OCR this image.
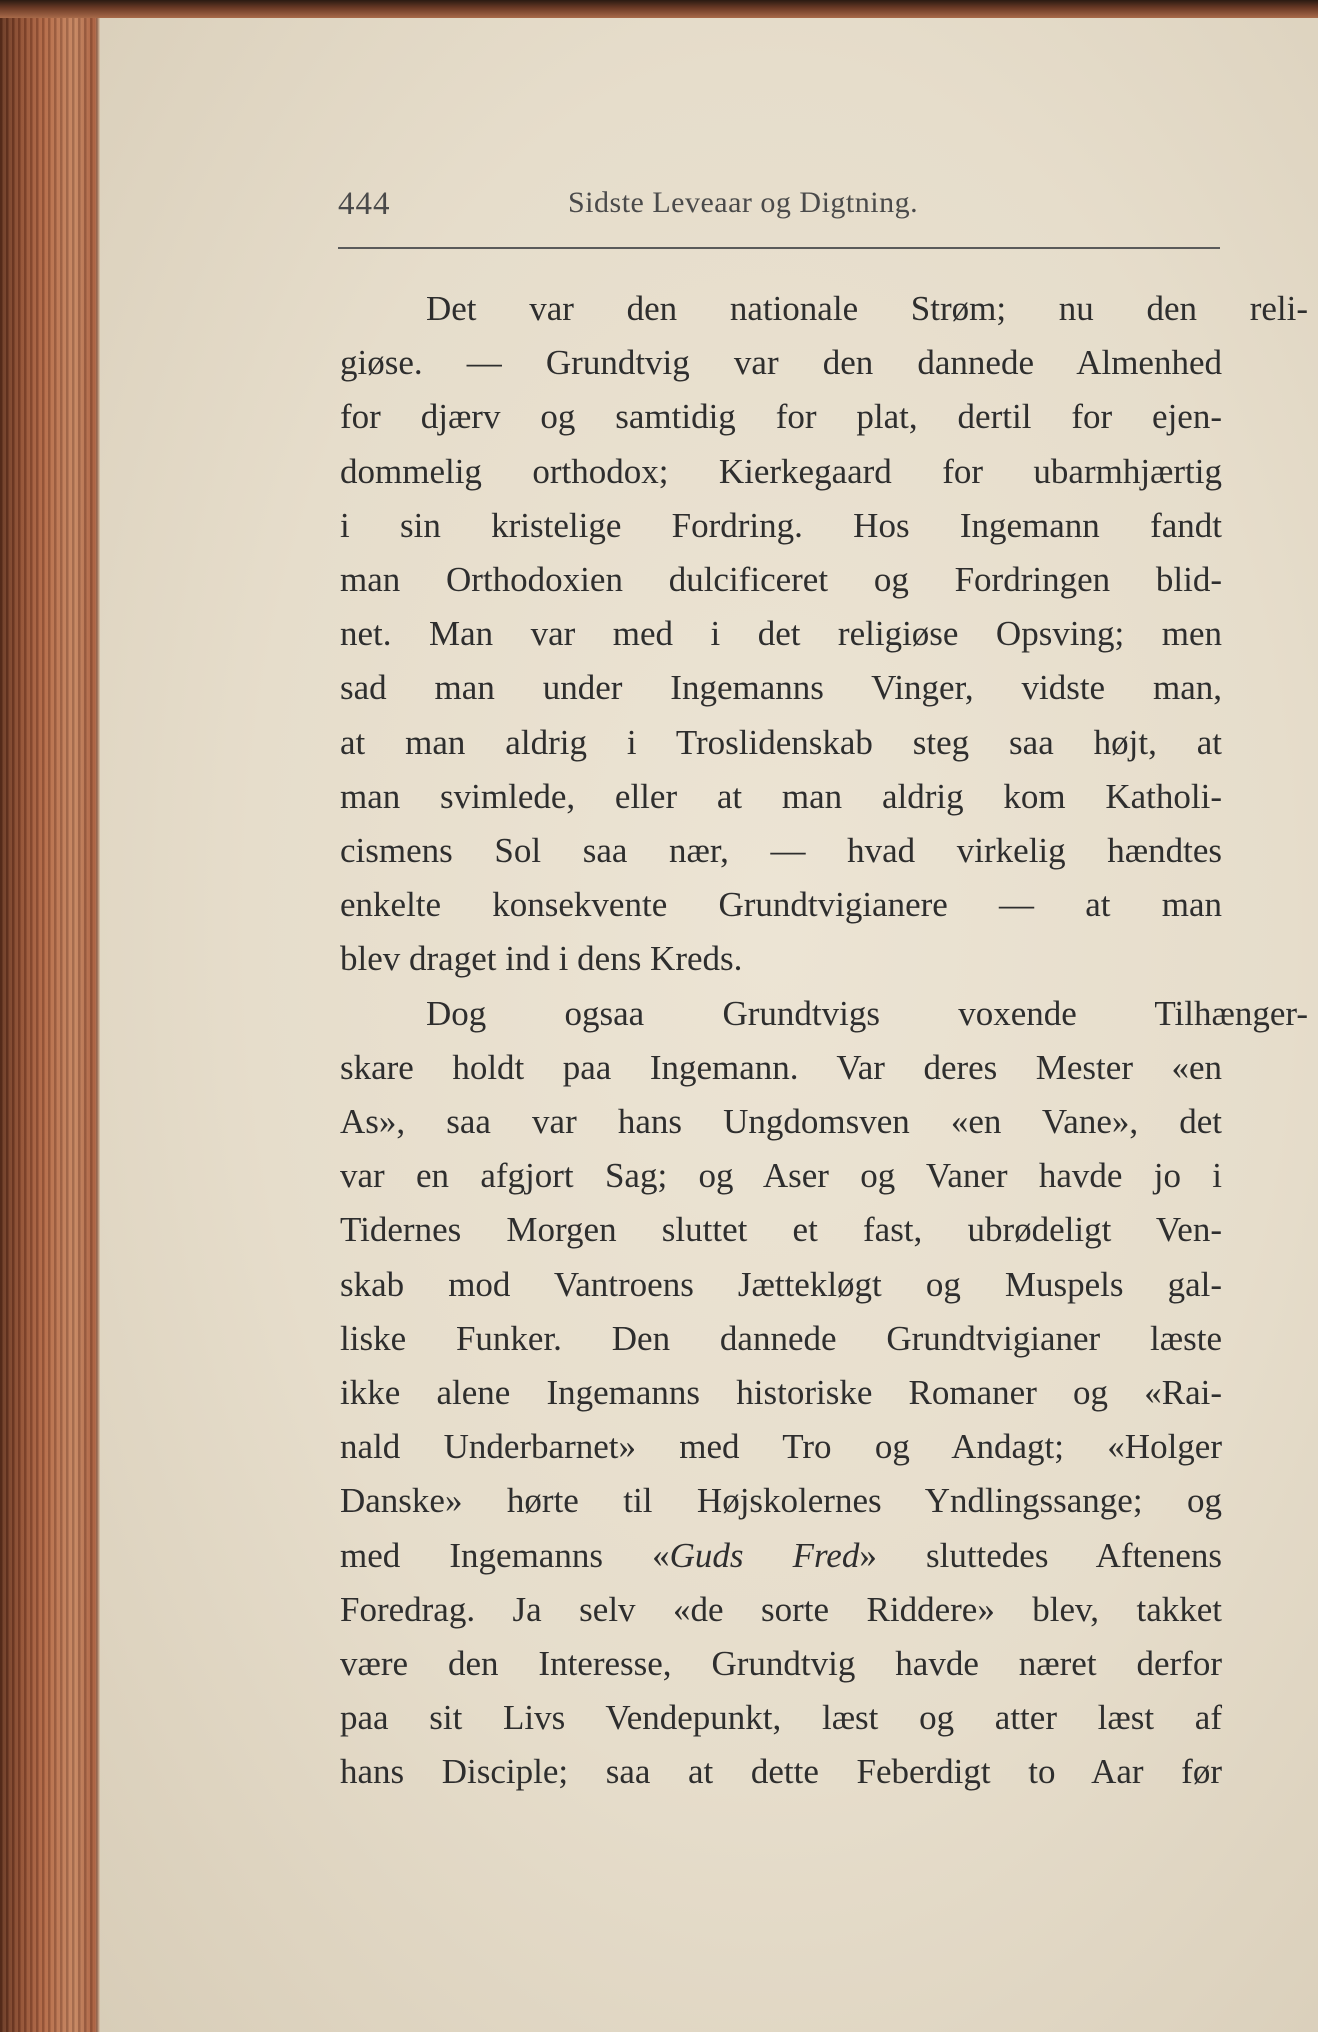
444	Sidste Leveaar og Digtning.
Det var den nationale Strøm; nu den reli-
giøse. — Grundtvig var den dannede Almenhed
for djærv og samtidig for plat, dertil for ejen-
dommelig orthodox; Kierkegaard for ubarmhjærtig
i sin kristelige Fordring. Hos Ingemann fandt
man Orthodoxien dulcificeret og Fordringen blid-
net. Man var med i det religiøse Opsving; men
sad man under Ingemanns Vinger, vidste man,
at man aldrig i Troslidenskab steg saa højt, at
man svimlede, eller at man aldrig kom Katholi-
cismens Sol saa nær, — hvad virkelig hændtes
enkelte konsekvente Grundtvigianere — at man
blev draget ind i dens Kreds.
Dog ogsaa Grundtvigs voxende Tilhænger-
skare holdt paa Ingemann. Var deres Mester «en
As», saa var hans Ungdomsven «en Vane», det
var en afgjort Sag; og Aser og Vaner havde jo i
Tidernes Morgen sluttet et fast, ubrødeligt Ven-
skab mod Vantroens Jættekløgt og Muspels gal-
liske Funker. Den dannede Grundtvigianer læste
ikke alene Ingemanns historiske Romaner og «Rai-
nald Underbarnet» med Tro og Andagt; «Holger
Danske» hørte til Højskolernes Yndlingssange; og
med Ingemanns «Guds Fred» sluttedes Aftenens
Foredrag. Ja selv «de sorte Riddere» blev, takket
være den Interesse, Grundtvig havde næret derfor
paa sit Livs Vendepunkt, læst og atter læst af
hans Disciple; saa at dette Feberdigt to Aar før
